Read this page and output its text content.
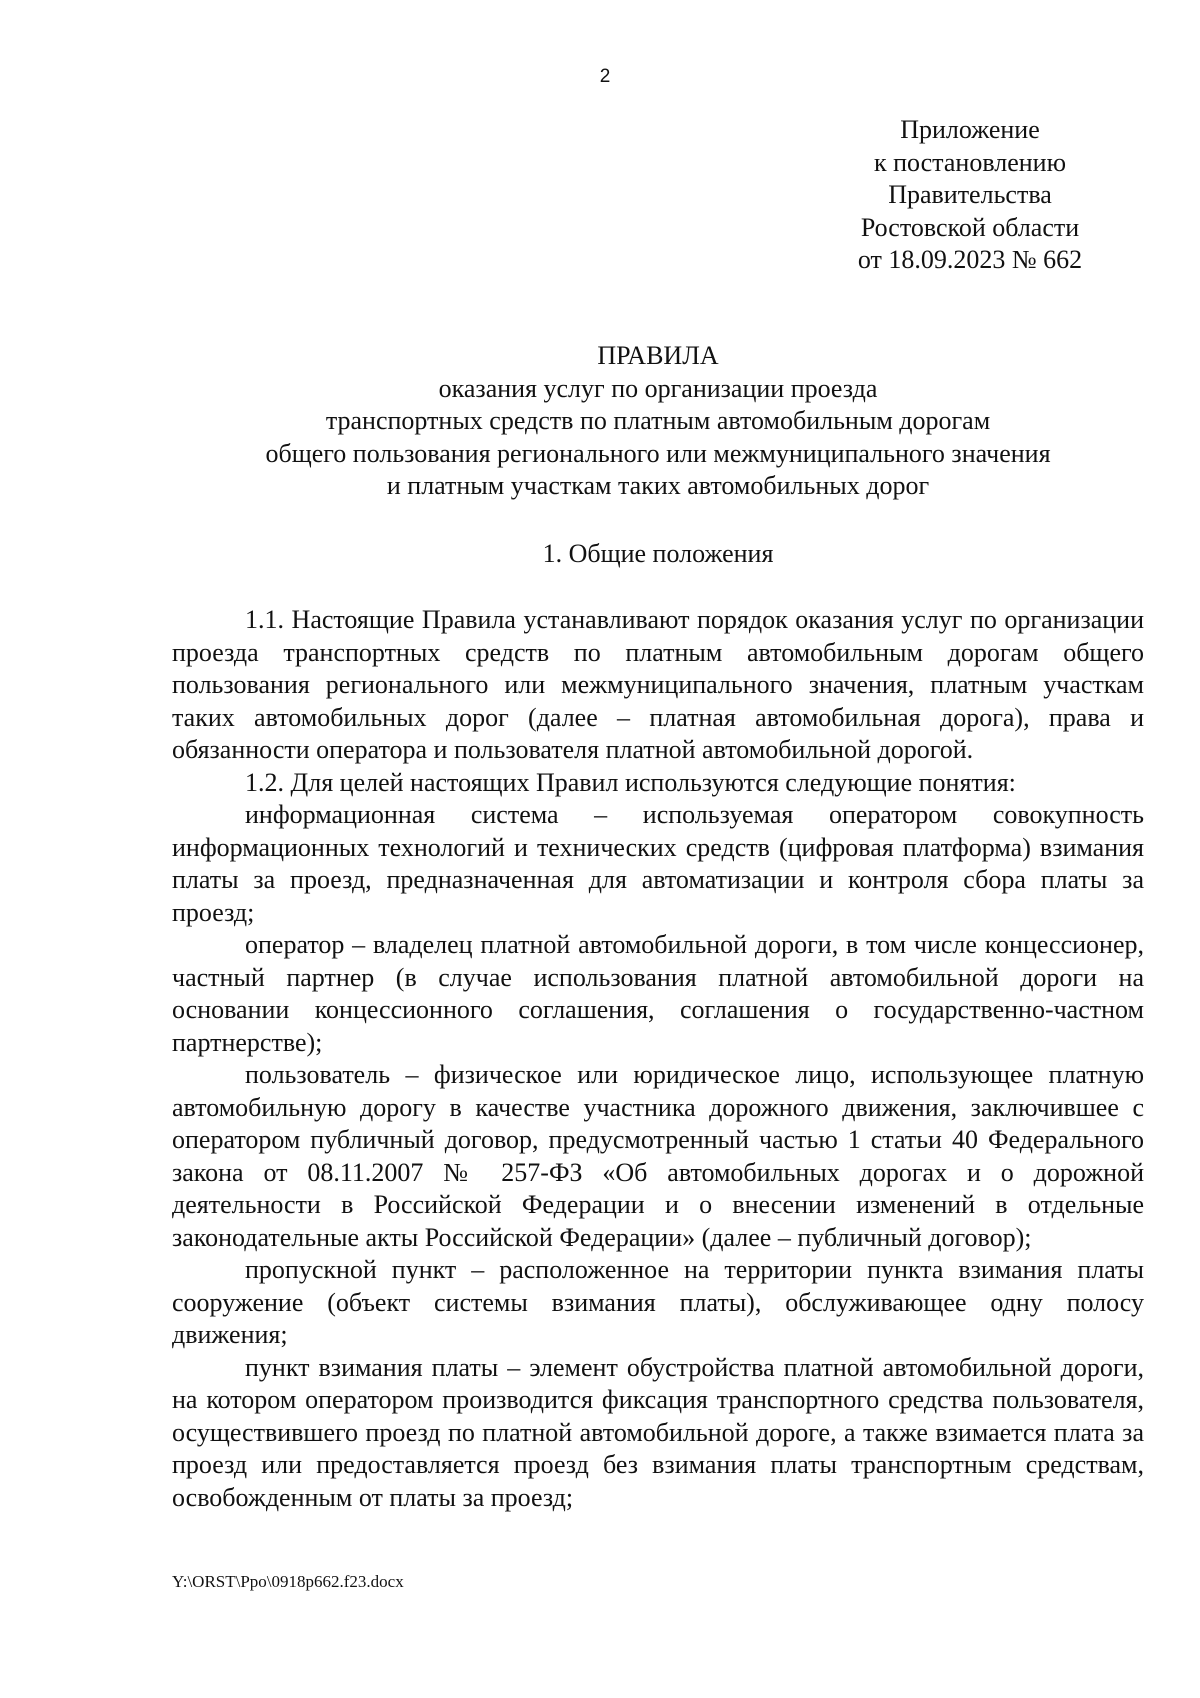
2
Приложение
к постановлению
Правительства
Ростовской области
от 18.09.2023 № 662
ПРАВИЛА
оказания услуг по организации проезда
транспортных средств по платным автомобильным дорогам
общего пользования регионального или межмуниципального значения
и платным участкам таких автомобильных дорог
1. Общие положения

1.1. Настоящие Правила устанавливают порядок оказания услуг по организации проезда транспортных средств по платным автомобильным дорогам общего пользования регионального или межмуниципального значения, платным участкам таких автомобильных дорог (далее – платная автомобильная дорога), права и обязанности оператора и пользователя платной автомобильной дорогой.

1.2. Для целей настоящих Правил используются следующие понятия:

информационная система – используемая оператором совокупность информационных технологий и технических средств (цифровая платформа) взимания платы за проезд, предназначенная для автоматизации и контроля сбора платы за проезд;

оператор – владелец платной автомобильной дороги, в том числе концессионер, частный партнер (в случае использования платной автомобильной дороги на основании концессионного соглашения, соглашения о государственно-частном партнерстве);

пользователь – физическое или юридическое лицо, использующее платную автомобильную дорогу в качестве участника дорожного движения, заключившее с оператором публичный договор, предусмотренный частью 1 статьи 40 Федерального закона от 08.11.2007 № 257-ФЗ «Об автомобильных дорогах и о дорожной деятельности в Российской Федерации и о внесении изменений в отдельные законодательные акты Российской Федерации» (далее – публичный договор);

пропускной пункт – расположенное на территории пункта взимания платы сооружение (объект системы взимания платы), обслуживающее одну полосу движения;

пункт взимания платы – элемент обустройства платной автомобильной дороги, на котором оператором производится фиксация транспортного средства пользователя, осуществившего проезд по платной автомобильной дороге, а также взимается плата за проезд или предоставляется проезд без взимания платы транспортным средствам, освобожденным от платы за проезд;

Y:\ORST\Ppo\0918p662.f23.docx
